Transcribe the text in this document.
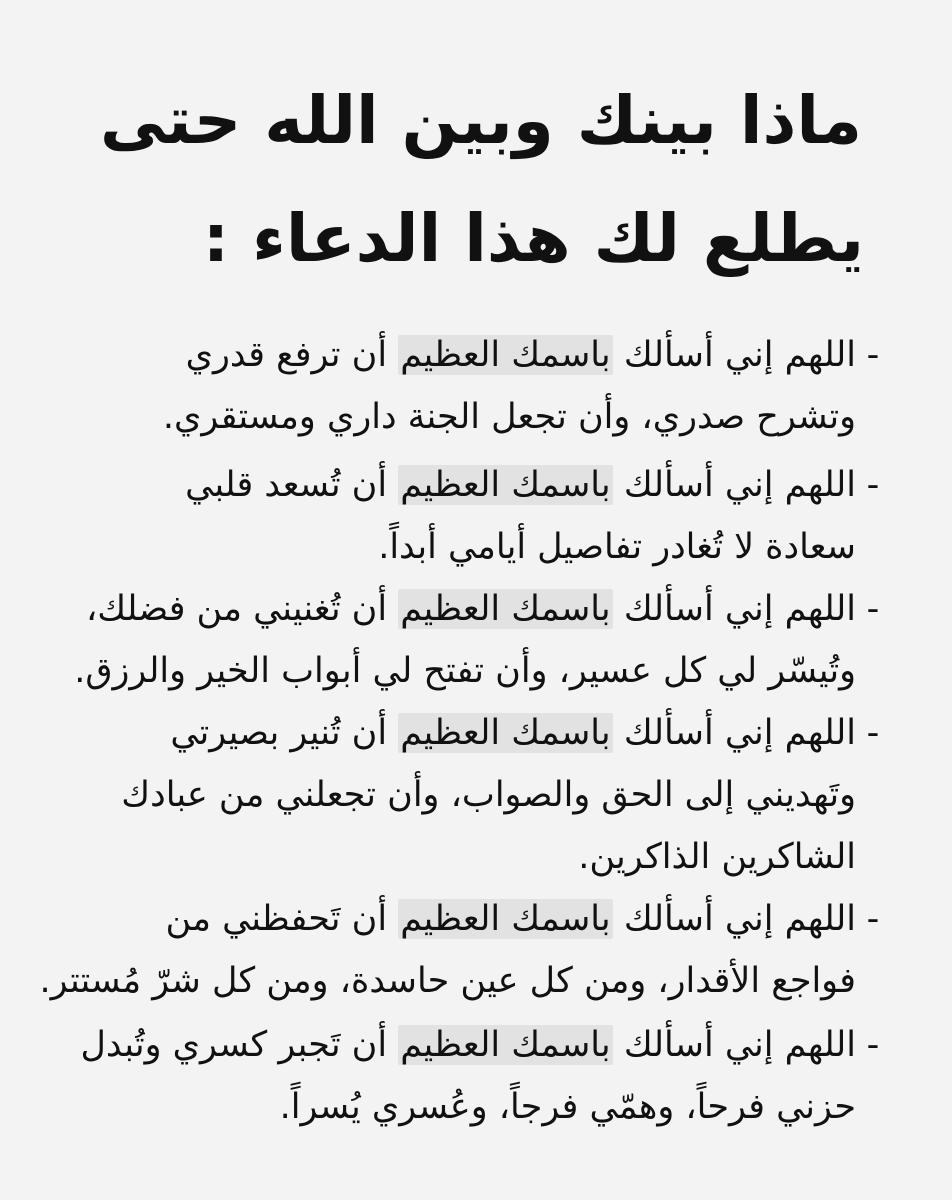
ماذا بينك وبين الله حتى
يطلع لك هذا الدعاء :
-
اللهم إني أسألك باسمك العظيم أن ترفع قدري
وتشرح صدري، وأن تجعل الجنة داري ومستقري.
-
اللهم إني أسألك باسمك العظيم أن تُسعد قلبي
سعادة لا تُغادر تفاصيل أيامي أبداً.
-
اللهم إني أسألك باسمك العظيم أن تُغنيني من فضلك،
وتُيسّر لي كل عسير، وأن تفتح لي أبواب الخير والرزق.
-
اللهم إني أسألك باسمك العظيم أن تُنير بصيرتي
وتَهديني إلى الحق والصواب، وأن تجعلني من عبادك
الشاكرين الذاكرين.
-
اللهم إني أسألك باسمك العظيم أن تَحفظني من
فواجع الأقدار، ومن كل عين حاسدة، ومن كل شرّ مُستتر.
-
اللهم إني أسألك باسمك العظيم أن تَجبر كسري وتُبدل
حزني فرحاً، وهمّي فرجاً، وعُسري يُسراً.
